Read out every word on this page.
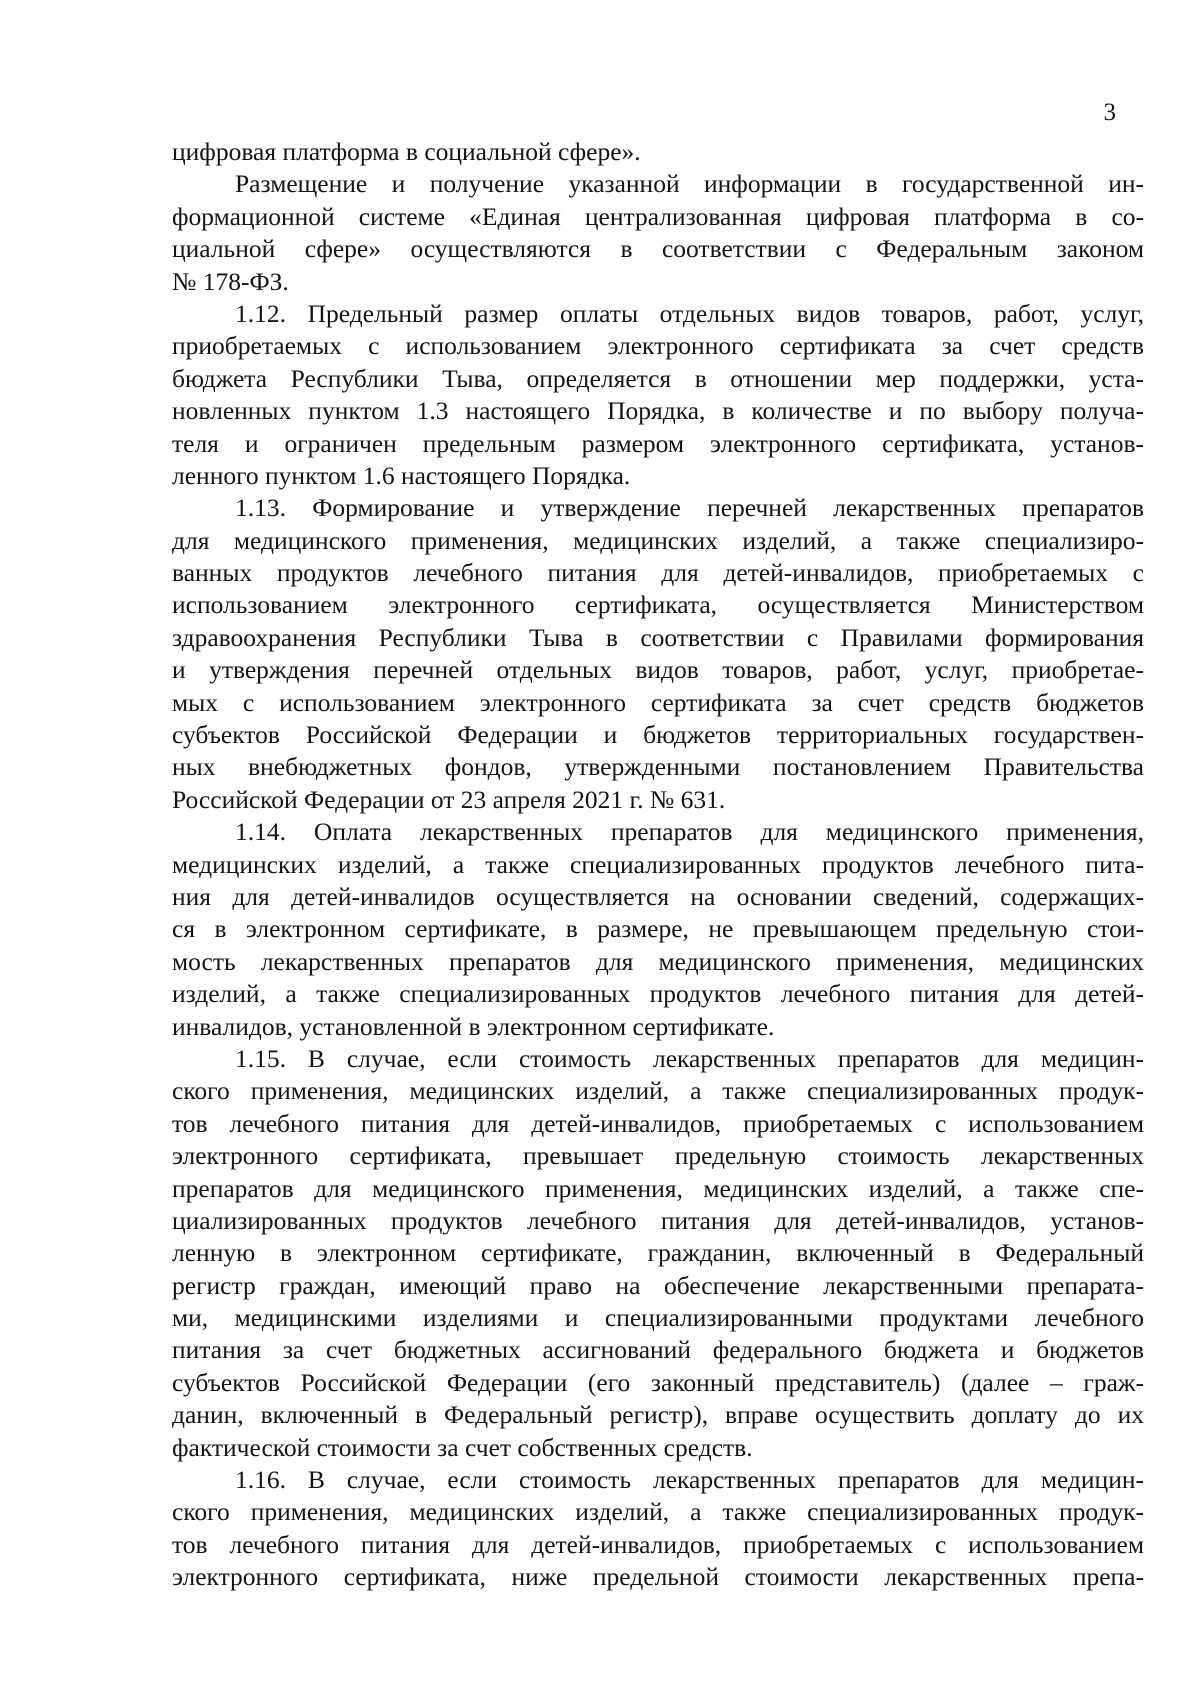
3
цифровая платформа в социальной сфере».
Размещение и получение указанной информации в государственной ин-
формационной системе «Единая централизованная цифровая платформа в со-
циальной сфере» осуществляются в соответствии с Федеральным законом
№ 178-ФЗ.
1.12. Предельный размер оплаты отдельных видов товаров, работ, услуг,
приобретаемых с использованием электронного сертификата за счет средств
бюджета Республики Тыва, определяется в отношении мер поддержки, уста-
новленных пунктом 1.3 настоящего Порядка, в количестве и по выбору получа-
теля и ограничен предельным размером электронного сертификата, установ-
ленного пунктом 1.6 настоящего Порядка.
1.13. Формирование и утверждение перечней лекарственных препаратов
для медицинского применения, медицинских изделий, а также специализиро-
ванных продуктов лечебного питания для детей-инвалидов, приобретаемых с
использованием электронного сертификата, осуществляется Министерством
здравоохранения Республики Тыва в соответствии с Правилами формирования
и утверждения перечней отдельных видов товаров, работ, услуг, приобретае-
мых с использованием электронного сертификата за счет средств бюджетов
субъектов Российской Федерации и бюджетов территориальных государствен-
ных внебюджетных фондов, утвержденными постановлением Правительства
Российской Федерации от 23 апреля 2021 г. № 631.
1.14. Оплата лекарственных препаратов для медицинского применения,
медицинских изделий, а также специализированных продуктов лечебного пита-
ния для детей-инвалидов осуществляется на основании сведений, содержащих-
ся в электронном сертификате, в размере, не превышающем предельную стои-
мость лекарственных препаратов для медицинского применения, медицинских
изделий, а также специализированных продуктов лечебного питания для детей-
инвалидов, установленной в электронном сертификате.
1.15. В случае, если стоимость лекарственных препаратов для медицин-
ского применения, медицинских изделий, а также специализированных продук-
тов лечебного питания для детей-инвалидов, приобретаемых с использованием
электронного сертификата, превышает предельную стоимость лекарственных
препаратов для медицинского применения, медицинских изделий, а также спе-
циализированных продуктов лечебного питания для детей-инвалидов, установ-
ленную в электронном сертификате, гражданин, включенный в Федеральный
регистр граждан, имеющий право на обеспечение лекарственными препарата-
ми, медицинскими изделиями и специализированными продуктами лечебного
питания за счет бюджетных ассигнований федерального бюджета и бюджетов
субъектов Российской Федерации (его законный представитель) (далее – граж-
данин, включенный в Федеральный регистр), вправе осуществить доплату до их
фактической стоимости за счет собственных средств.
1.16. В случае, если стоимость лекарственных препаратов для медицин-
ского применения, медицинских изделий, а также специализированных продук-
тов лечебного питания для детей-инвалидов, приобретаемых с использованием
электронного сертификата, ниже предельной стоимости лекарственных препа-
